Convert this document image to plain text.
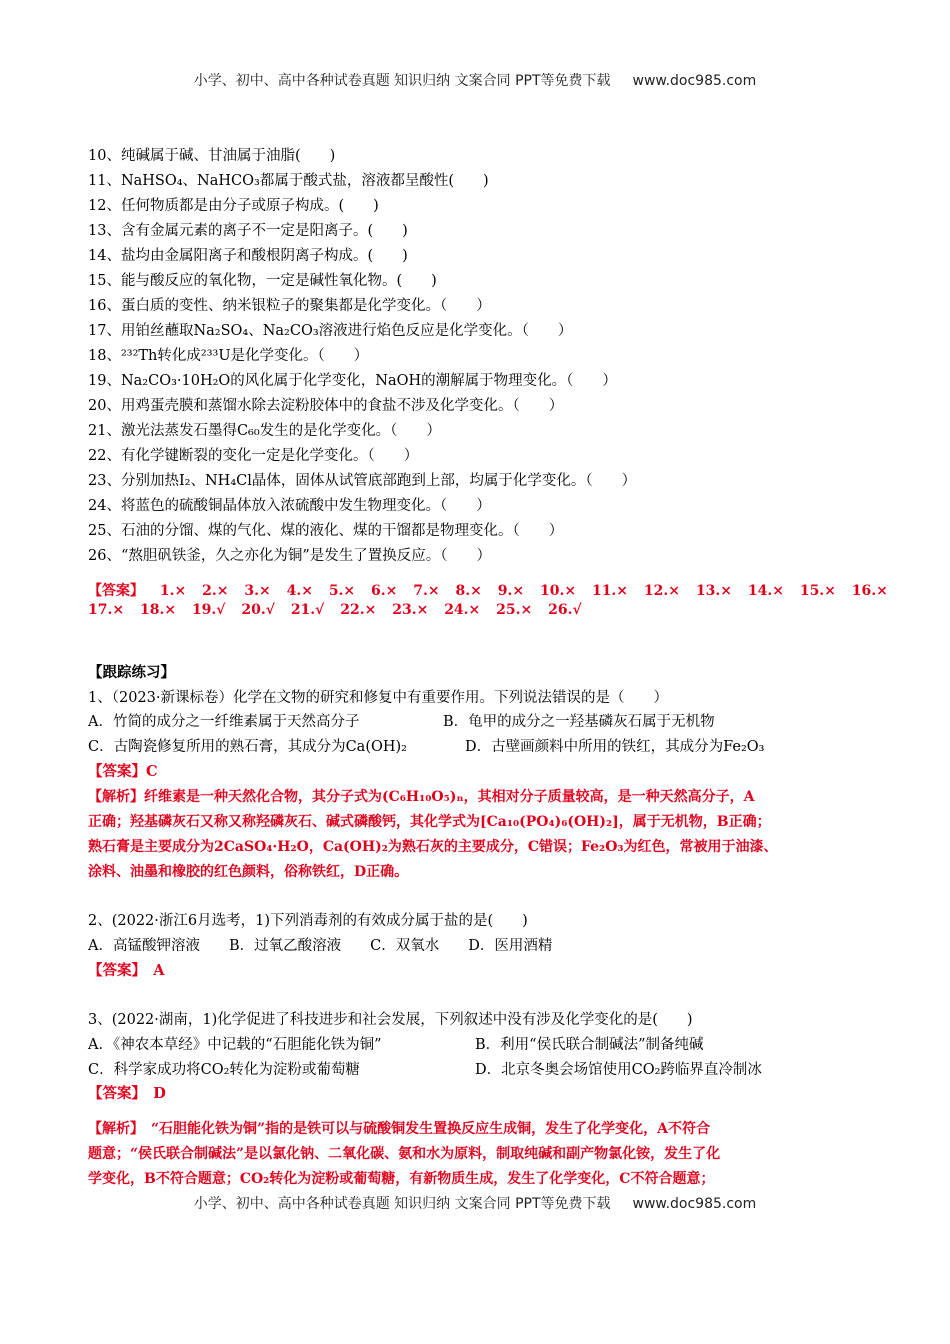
小学、初中、高中各种试卷真题 知识归纳 文案合同 PPT等免费下载 www.doc985.com
10、纯碱属于碱、甘油属于油脂(　　)
11、NaHSO₄、NaHCO₃都属于酸式盐，溶液都呈酸性(　　)
12、任何物质都是由分子或原子构成。(　　)
13、含有金属元素的离子不一定是阳离子。(　　)
14、盐均由金属阳离子和酸根阴离子构成。(　　)
15、能与酸反应的氧化物，一定是碱性氧化物。(　　)
16、蛋白质的变性、纳米银粒子的聚集都是化学变化。（　　）
17、用铂丝蘸取Na₂SO₄、Na₂CO₃溶液进行焰色反应是化学变化。（　　）
18、²³²Th转化成²³³U是化学变化。（　　）
19、Na₂CO₃·10H₂O的风化属于化学变化，NaOH的潮解属于物理变化。（　　）
20、用鸡蛋壳膜和蒸馏水除去淀粉胶体中的食盐不涉及化学变化。（　　）
21、激光法蒸发石墨得C₆₀发生的是化学变化。（　　）
22、有化学键断裂的变化一定是化学变化。（　　）
23、分别加热I₂、NH₄Cl晶体，固体从试管底部跑到上部，均属于化学变化。（　　）
24、将蓝色的硫酸铜晶体放入浓硫酸中发生物理变化。（　　）
25、石油的分馏、煤的气化、煤的液化、煤的干馏都是物理变化。（　　）
26、“熬胆矾铁釜，久之亦化为铜”是发生了置换反应。（　　）
【答案】 1.× 2.× 3.× 4.× 5.× 6.× 7.× 8.× 9.× 10.× 11.× 12.× 13.× 14.× 15.× 16.×
17.× 18.× 19.√ 20.√ 21.√ 22.× 23.× 24.× 25.× 26.√
【跟踪练习】
1、（2023·新课标卷）化学在文物的研究和修复中有重要作用。下列说法错误的是（　　）
A．竹简的成分之一纤维素属于天然高分子	B．龟甲的成分之一羟基磷灰石属于无机物
C．古陶瓷修复所用的熟石膏，其成分为Ca(OH)₂	D．古壁画颜料中所用的铁红，其成分为Fe₂O₃
【答案】C
【解析】纤维素是一种天然化合物，其分子式为(C₆H₁₀O₅)ₙ，其相对分子质量较高，是一种天然高分子，A
正确；羟基磷灰石又称又称羟磷灰石、碱式磷酸钙，其化学式为[Ca₁₀(PO₄)₆(OH)₂]，属于无机物，B正确；
熟石膏是主要成分为2CaSO₄·H₂O，Ca(OH)₂为熟石灰的主要成分，C错误；Fe₂O₃为红色，常被用于油漆、
涂料、油墨和橡胶的红色颜料，俗称铁红，D正确。
2、(2022·浙江6月选考，1)下列消毒剂的有效成分属于盐的是(　　)
A．高锰酸钾溶液　　B．过氧乙酸溶液　　C．双氧水　　D．医用酒精
【答案】　A
3、(2022·湖南，1)化学促进了科技进步和社会发展，下列叙述中没有涉及化学变化的是(　　)
A．《神农本草经》中记载的“石胆能化铁为铜”	B．利用“侯氏联合制碱法”制备纯碱
C．科学家成功将CO₂转化为淀粉或葡萄糖	D．北京冬奥会场馆使用CO₂跨临界直冷制冰
【答案】　D
【解析】　“石胆能化铁为铜”指的是铁可以与硫酸铜发生置换反应生成铜，发生了化学变化，A不符合
题意；“侯氏联合制碱法”是以氯化钠、二氧化碳、氨和水为原料，制取纯碱和副产物氯化铵，发生了化
学变化，B不符合题意；CO₂转化为淀粉或葡萄糖，有新物质生成，发生了化学变化，C不符合题意；
小学、初中、高中各种试卷真题 知识归纳 文案合同 PPT等免费下载 www.doc985.com
